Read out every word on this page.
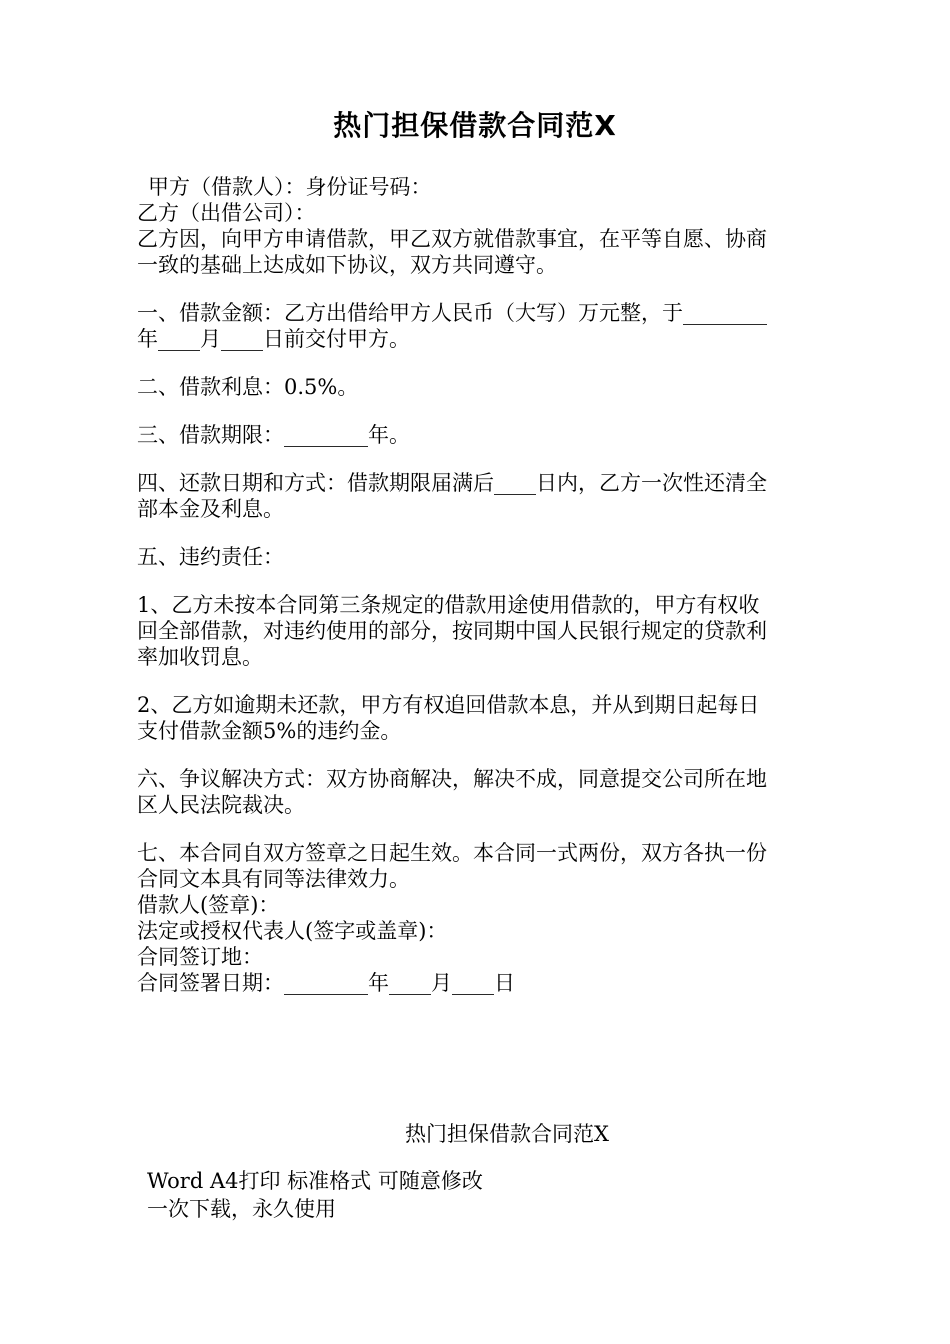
热门担保借款合同范X

甲方（借款人）：身份证号码：

乙方（出借公司）：

乙方因，向甲方申请借款，甲乙双方就借款事宜，在平等自愿、协商

一致的基础上达成如下协议，双方共同遵守。

一、借款金额：乙方出借给甲方人民币（大写）万元整，于________

年____月____日前交付甲方。

二、借款利息：0.5%。

三、借款期限：________年。

四、还款日期和方式：借款期限届满后____日内，乙方一次性还清全

部本金及利息。

五、违约责任：

1、乙方未按本合同第三条规定的借款用途使用借款的，甲方有权收

回全部借款，对违约使用的部分，按同期中国人民银行规定的贷款利

率加收罚息。

2、乙方如逾期未还款，甲方有权追回借款本息，并从到期日起每日

支付借款金额5%的违约金。

六、争议解决方式：双方协商解决，解决不成，同意提交公司所在地

区人民法院裁决。

七、本合同自双方签章之日起生效。本合同一式两份，双方各执一份

合同文本具有同等法律效力。

借款人(签章)：

法定或授权代表人(签字或盖章)：

合同签订地：

合同签署日期：________年____月____日

热门担保借款合同范X

Word A4打印 标准格式 可随意修改

一次下载，永久使用
